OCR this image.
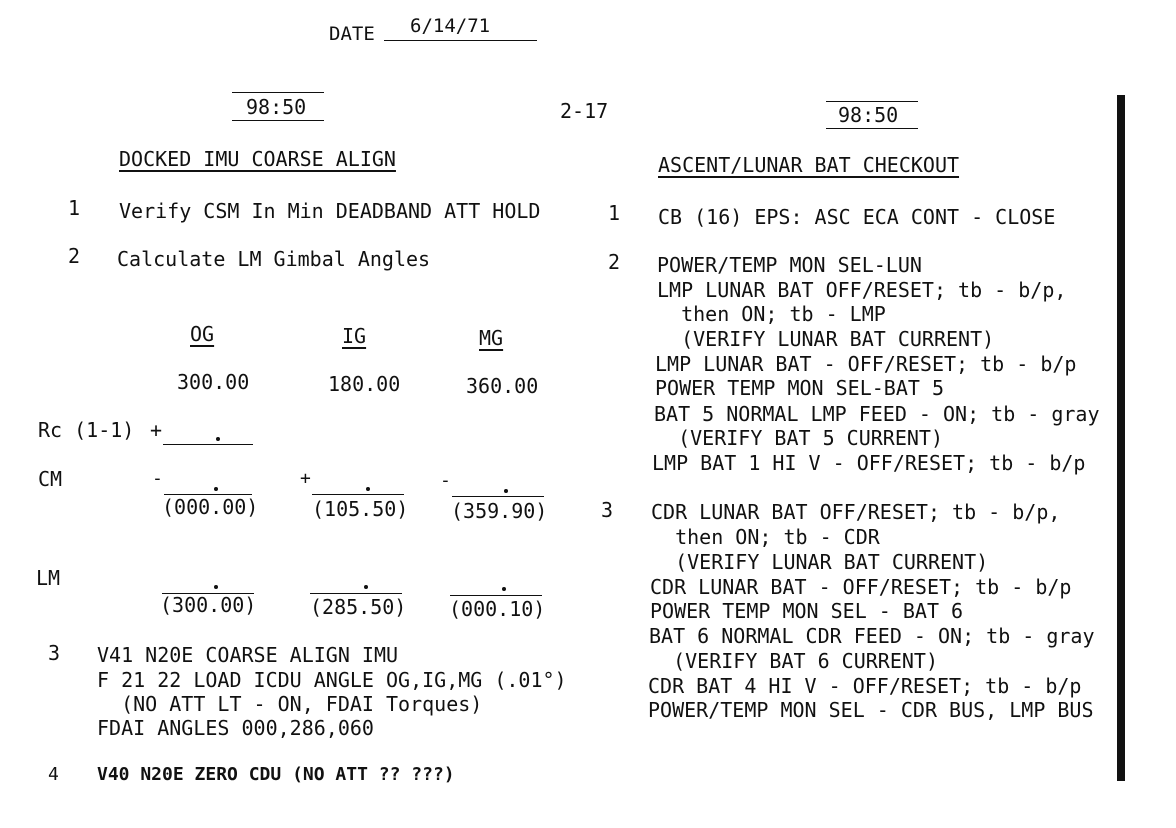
DATE 6/14/71
98:50	2-17	98:50
DOCKED IMU COARSE ALIGN
1 Verify CSM In Min DEADBAND ATT HOLD
2 Calculate LM Gimbal Angles
OG	IG	MG
300.00	180.00	360.00
Rc (1-1) +
CM	-	+	-
(000.00)	(105.50) (359.90)
LM
(300.00)	(285.50) (000.10)
3 V41 N20E COARSE ALIGN IMU
F 21 22 LOAD ICDU ANGLE OG,IG,MG (.01°)
(NO ATT LT - ON, FDAI Torques)
FDAI ANGLES 000,286,060
4 V40 N20E ZERO CDU (NO ATT ?? ???)
ASCENT/LUNAR BAT CHECKOUT
1 CB (16) EPS: ASC ECA CONT - CLOSE
2 POWER/TEMP MON SEL-LUN
LMP LUNAR BAT OFF/RESET; tb - b/p,
then ON; tb - LMP
(VERIFY LUNAR BAT CURRENT)
LMP LUNAR BAT - OFF/RESET; tb - b/p
POWER TEMP MON SEL-BAT 5
BAT 5 NORMAL LMP FEED - ON; tb - gray
(VERIFY BAT 5 CURRENT)
LMP BAT 1 HI V - OFF/RESET; tb - b/p
3 CDR LUNAR BAT OFF/RESET; tb - b/p,
then ON; tb - CDR
(VERIFY LUNAR BAT CURRENT)
CDR LUNAR BAT - OFF/RESET; tb - b/p
POWER TEMP MON SEL - BAT 6
BAT 6 NORMAL CDR FEED - ON; tb - gray
(VERIFY BAT 6 CURRENT)
CDR BAT 4 HI V - OFF/RESET; tb - b/p
POWER/TEMP MON SEL - CDR BUS, LMP BUS
